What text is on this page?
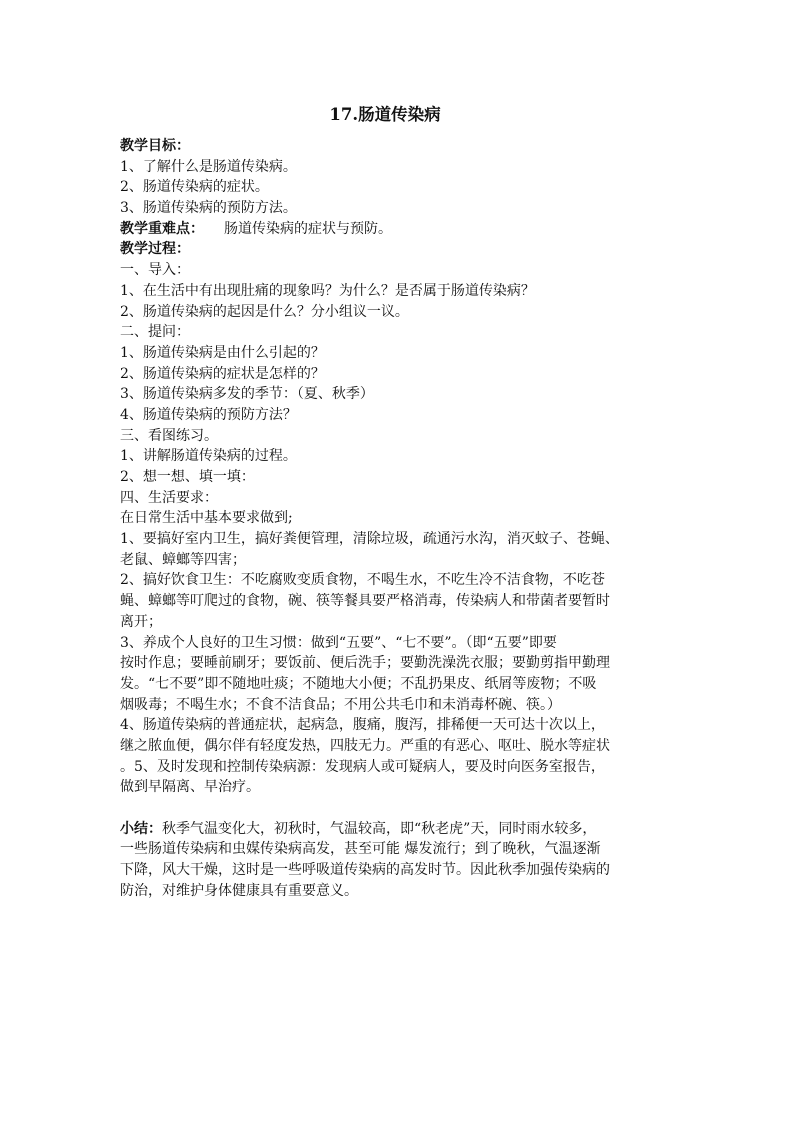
17.肠道传染病
教学目标：
1、了解什么是肠道传染病。
2、肠道传染病的症状。
3、肠道传染病的预防方法。
教学重难点： 肠道传染病的症状与预防。
教学过程：
一、导入：
1、在生活中有出现肚痛的现象吗？为什么？是否属于肠道传染病？
2、肠道传染病的起因是什么？分小组议一议。
二、提问：
1、肠道传染病是由什么引起的？
2、肠道传染病的症状是怎样的？
3、肠道传染病多发的季节：（夏、秋季）
4、肠道传染病的预防方法？
三、看图练习。
1、讲解肠道传染病的过程。
2、想一想、填一填：
四、生活要求：
在日常生活中基本要求做到;
1、要搞好室内卫生，搞好粪便管理，清除垃圾，疏通污水沟，消灭蚊子、苍蝇、
老鼠、蟑螂等四害；
2、搞好饮食卫生：不吃腐败变质食物，不喝生水，不吃生冷不洁食物，不吃苍
蝇、蟑螂等叮爬过的食物，碗、筷等餐具要严格消毒，传染病人和带菌者要暂时
离开；
3、养成个人良好的卫生习惯：做到“五要”、“七不要”。（即“五要”即要
按时作息；要睡前刷牙；要饭前、便后洗手；要勤洗澡洗衣服；要勤剪指甲勤理
发。“七不要”即不随地吐痰；不随地大小便；不乱扔果皮、纸屑等废物；不吸
烟吸毒；不喝生水；不食不洁食品；不用公共毛巾和未消毒杯碗、筷。）
4、肠道传染病的普通症状，起病急，腹痛，腹泻，排稀便一天可达十次以上，
继之脓血便，偶尔伴有轻度发热，四肢无力。严重的有恶心、呕吐、脱水等症状
。5、及时发现和控制传染病源：发现病人或可疑病人，要及时向医务室报告，
做到早隔离、早治疗。
小结：秋季气温变化大，初秋时，气温较高，即“秋老虎”天，同时雨水较多，
一些肠道传染病和虫媒传染病高发，甚至可能 爆发流行；到了晚秋，气温逐渐
下降，风大干燥，这时是一些呼吸道传染病的高发时节。因此秋季加强传染病的
防治，对维护身体健康具有重要意义。
